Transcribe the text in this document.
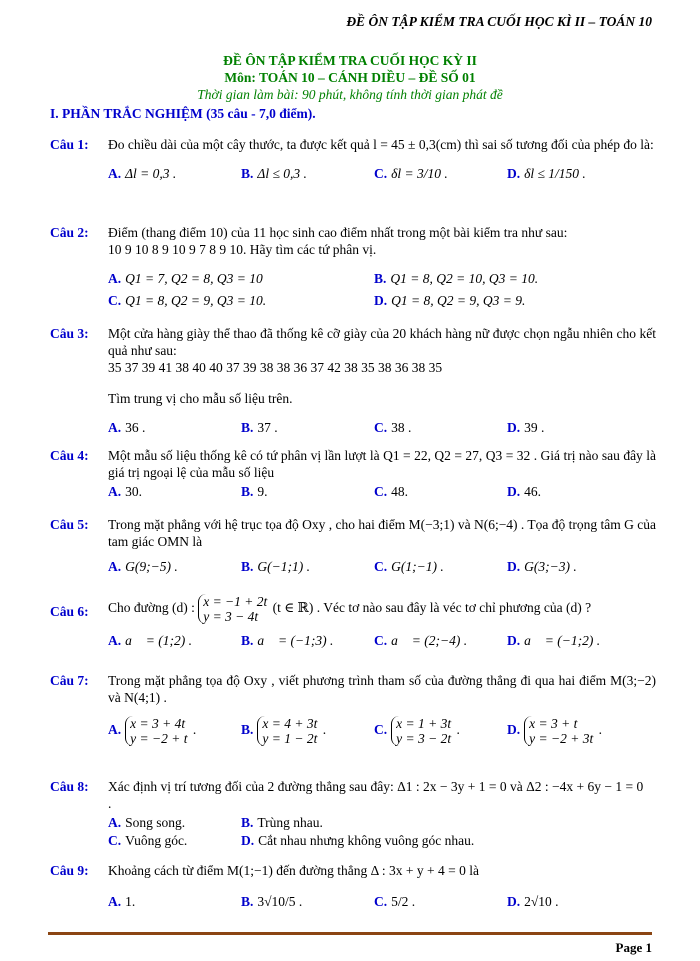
ĐỀ ÔN TẬP KIỂM TRA CUỐI HỌC KÌ II – TOÁN 10
ĐỀ ÔN TẬP KIỂM TRA CUỐI HỌC KỲ II
Môn: TOÁN 10 – CÁNH DIỀU – ĐỀ SỐ 01
Thời gian làm bài: 90 phút, không tính thời gian phát đề
I. PHẦN TRẮC NGHIỆM (35 câu - 7,0 điểm).
Câu 1: Đo chiều dài của một cây thước, ta được kết quả l = 45 ± 0,3(cm) thì sai số tương đối của phép đo là:
A. Δl = 0,3 .	B. Δl ≤ 0,3 .	C. δl = 3/10 .	D. δl ≤ 1/150 .
Câu 2: Điểm (thang điểm 10) của 11 học sinh cao điểm nhất trong một bài kiểm tra như sau:
10 9 10 8 9 10 9 7 8 9 10. Hãy tìm các tứ phân vị.
A. Q1 = 7, Q2 = 8, Q3 = 10	B. Q1 = 8, Q2 = 10, Q3 = 10.
C. Q1 = 8, Q2 = 9, Q3 = 10.	D. Q1 = 8, Q2 = 9, Q3 = 9.
Câu 3: Một cửa hàng giày thể thao đã thống kê cỡ giày của 20 khách hàng nữ được chọn ngẫu nhiên cho kết quả như sau:
35 37 39 41 38 40 40 37 39 38 38 36 37 42 38 35 38 36 38 35
Tìm trung vị cho mẫu số liệu trên.
A. 36 .	B. 37 .	C. 38 .	D. 39 .
Câu 4: Một mẫu số liệu thống kê có tứ phân vị lần lượt là Q1 = 22, Q2 = 27, Q3 = 32 . Giá trị nào sau đây là giá trị ngoại lệ của mẫu số liệu
A. 30.	B. 9.	C. 48.	D. 46.
Câu 5: Trong mặt phẳng với hệ trục tọa độ Oxy , cho hai điểm M(−3;1) và N(6;−4) . Tọa độ trọng tâm G của tam giác OMN là
A. G(9;−5) .	B. G(−1;1) .	C. G(1;−1) .	D. G(3;−3) .
Câu 6: Cho đường (d) : x = −1 + 2t
y = 3 − 4t (t ∈ ℝ) . Véc tơ nào sau đây là véc tơ chỉ phương của (d) ?
A. a⃗ = (1;2) .	B. a⃗ = (−1;3) .	C. a⃗ = (2;−4) .	D. a⃗ = (−1;2) .
Câu 7: Trong mặt phẳng tọa độ Oxy , viết phương trình tham số của đường thẳng đi qua hai điểm M(3;−2) và N(4;1) .
A. x = 3 + 4t
y = −2 + t .	B. x = 4 + 3t
y = 1 − 2t .	C. x = 1 + 3t
y = 3 − 2t .	D. x = 3 + t
y = −2 + 3t .
Câu 8: Xác định vị trí tương đối của 2 đường thẳng sau đây: Δ1 : 2x − 3y + 1 = 0 và Δ2 : −4x + 6y − 1 = 0
.
A. Song song.	B. Trùng nhau.
C. Vuông góc.	D. Cắt nhau nhưng không vuông góc nhau.
Câu 9: Khoảng cách từ điểm M(1;−1) đến đường thẳng Δ : 3x + y + 4 = 0 là
A. 1.	B. 3√10/5 .	C. 5/2 .	D. 2√10 .
Page 1
